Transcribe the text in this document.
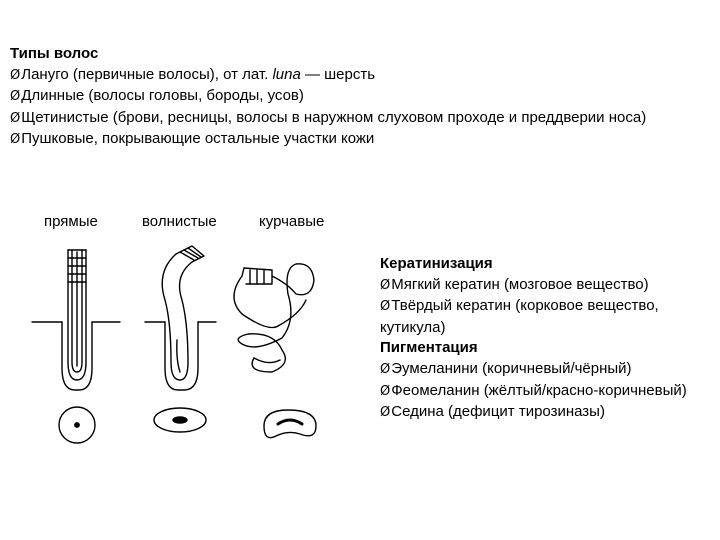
Типы волос
ØЛануго (первичные волосы), от лат. luna — шерсть
ØДлинные (волосы головы, бороды, усов)
ØЩетинистые (брови, ресницы, волосы в наружном слуховом проходе и преддверии носа)
ØПушковые, покрывающие остальные участки кожи
прямые	волнистые	курчавые
Кератинизация
ØМягкий кератин (мозговое вещество)
ØТвёрдый кератин (корковое вещество, кутикула)
Пигментация
ØЭумеланини (коричневый/чёрный)
ØФеомеланин (жёлтый/красно-коричневый)
ØСедина (дефицит тирозиназы)
